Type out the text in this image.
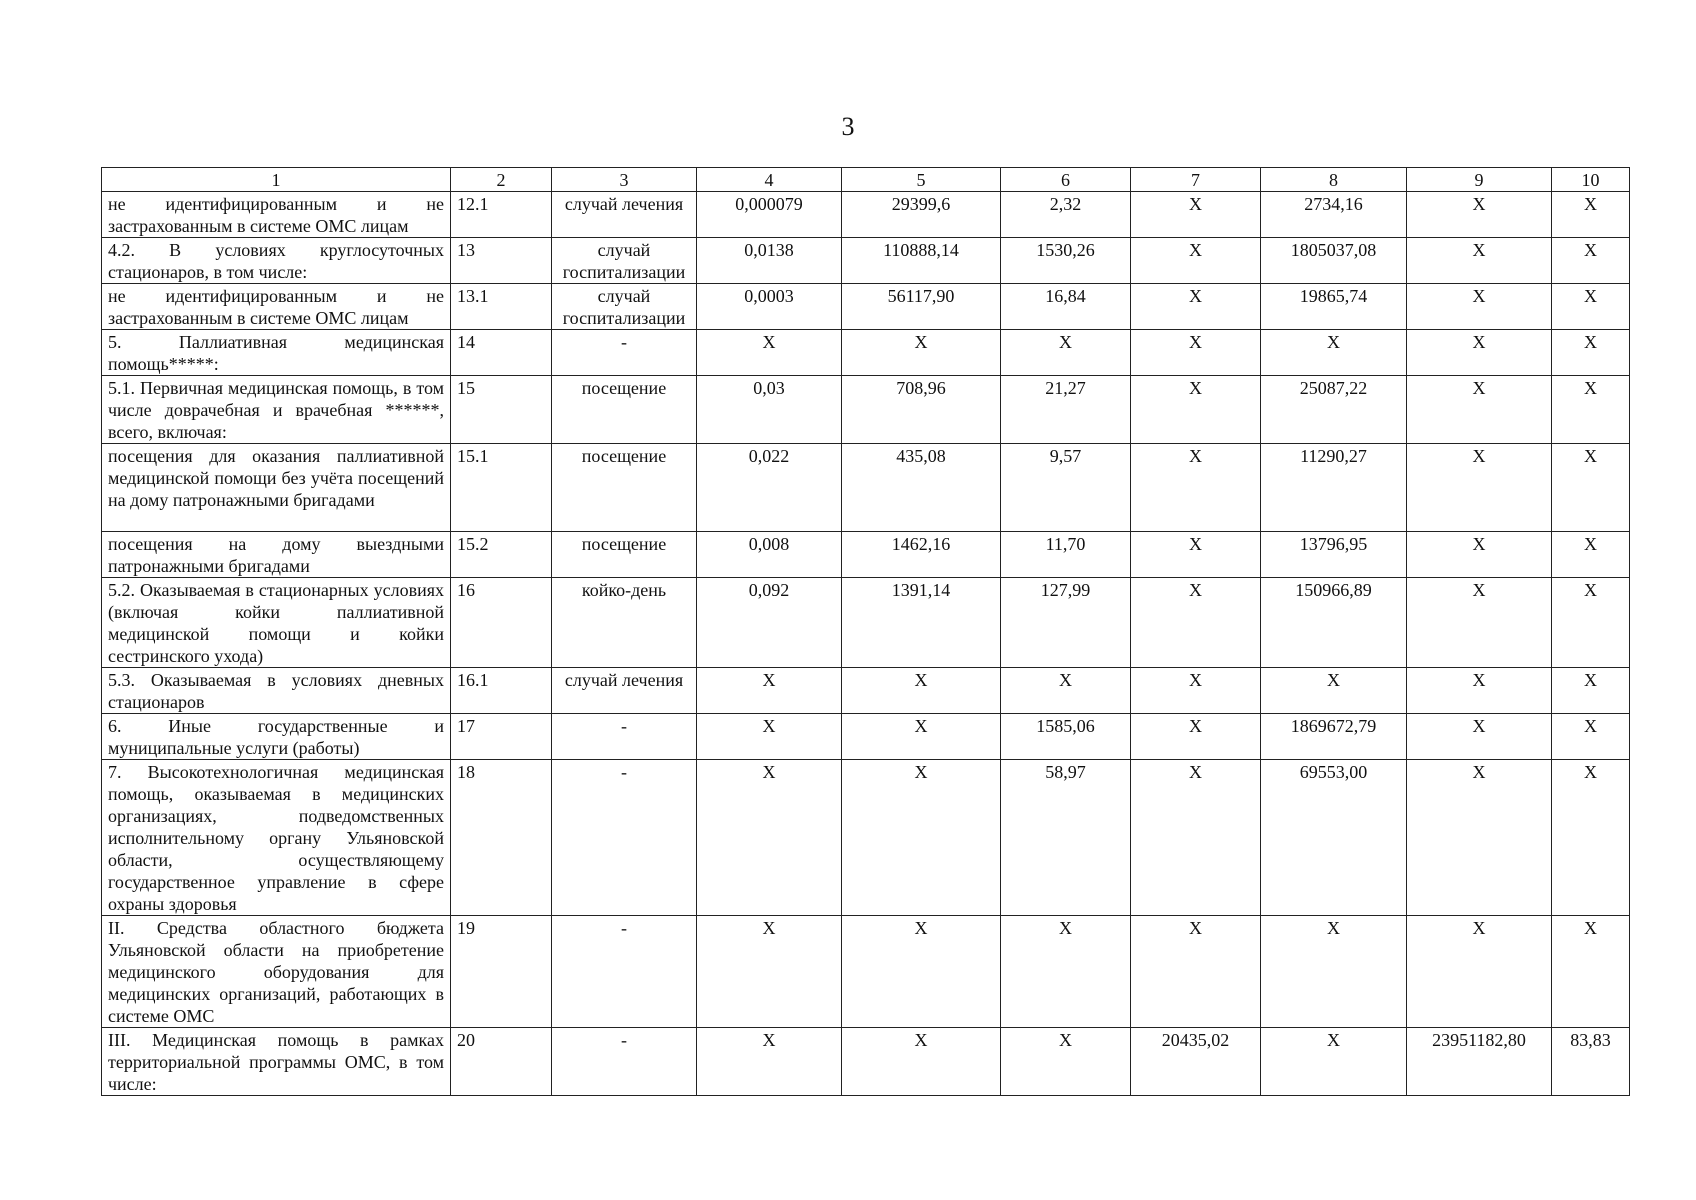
3
1	2	3	4	5	6	7	8	9	10
не идентифицированным и не застрахованным в системе ОМС лицам	12.1	случай лечения	0,000079	29399,6	2,32	Х	2734,16	Х	Х
4.2. В условиях круглосуточных стационаров, в том числе:	13	случай госпитализации	0,0138	110888,14	1530,26	Х	1805037,08	Х	Х
не идентифицированным и не застрахованным в системе ОМС лицам	13.1	случай госпитализации	0,0003	56117,90	16,84	Х	19865,74	Х	Х
5. Паллиативная медицинская помощь*****:	14	-	Х	Х	Х	Х	Х	Х	Х
5.1. Первичная медицинская помощь, в том числе доврачебная и врачебная ******, всего, включая:	15	посещение	0,03	708,96	21,27	Х	25087,22	Х	Х
посещения для оказания паллиативной медицинской помощи без учёта посещений на дому патронажными бригадами	15.1	посещение	0,022	435,08	9,57	Х	11290,27	Х	Х
посещения на дому выездными патронажными бригадами	15.2	посещение	0,008	1462,16	11,70	Х	13796,95	Х	Х
5.2. Оказываемая в стационарных условиях (включая койки паллиативной медицинской помощи и койки сестринского ухода)	16	койко-день	0,092	1391,14	127,99	Х	150966,89	Х	Х
5.3. Оказываемая в условиях дневных стационаров	16.1	случай лечения	Х	Х	Х	Х	Х	Х	Х
6. Иные государственные и муниципальные услуги (работы)	17	-	Х	Х	1585,06	Х	1869672,79	Х	Х
7. Высокотехнологичная медицинская помощь, оказываемая в медицинских организациях, подведомственных исполнительному органу Ульяновской области, осуществляющему государственное управление в сфере охраны здоровья	18	-	Х	Х	58,97	Х	69553,00	Х	Х
II. Средства областного бюджета Ульяновской области на приобретение медицинского оборудования для медицинских организаций, работающих в системе ОМС	19	-	Х	Х	Х	Х	Х	Х	Х
III. Медицинская помощь в рамках территориальной программы ОМС, в том числе:	20	-	Х	Х	Х	20435,02	Х	23951182,80	83,83
